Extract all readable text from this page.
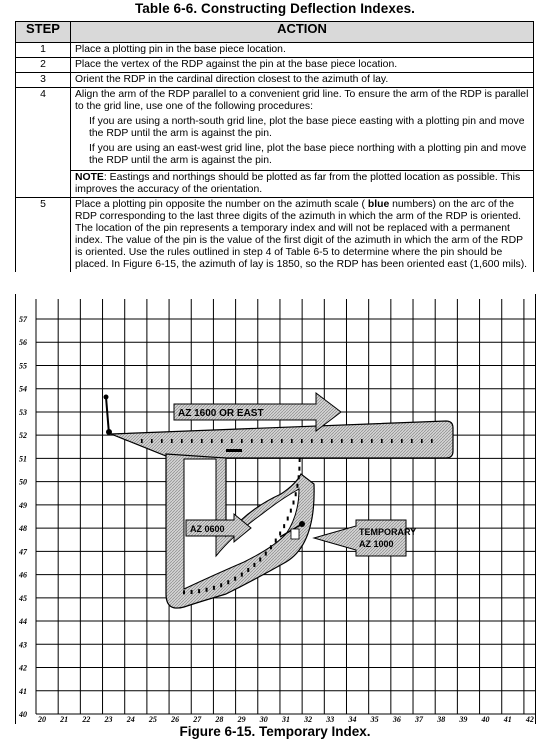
Table 6-6. Constructing Deflection Indexes.
STEP	ACTION
1	Place a plotting pin in the base piece location.
2	Place the vertex of the RDP against the pin at the base piece location.
3	Orient the RDP in the cardinal direction closest to the azimuth of lay.
4	Align the arm of the RDP parallel to a convenient grid line. To ensure the arm of the RDP is parallel to the grid line, use one of the following procedures:
If you are using a north-south grid line, plot the base piece easting with a plotting pin and move the RDP until the arm is against the pin.
If you are using an east-west grid line, plot the base piece northing with a plotting pin and move the RDP until the arm is against the pin.

	NOTE: Eastings and northings should be plotted as far from the plotted location as possible. This improves the accuracy of the orientation.
5	Place a plotting pin opposite the number on the azimuth scale ( blue numbers) on the arc of the RDP corresponding to the last three digits of the azimuth in which the arm of the RDP is oriented. The location of the pin represents a temporary index and will not be replaced with a permanent index. The value of the pin is the value of the first digit of the azimuth in which the arm of the RDP is oriented. Use the rules outlined in step 4 of Table 6-5 to determine where the pin should be placed. In Figure 6-15, the azimuth of lay is 1850, so the RDP has been oriented east (1,600 mils).
57
56
55
54
53
52
51
50
49
48
47
46
45
44
43
42
41
40
20 21 22 23 24 25 26 27 28 29 30 31 32 33 34 35 36 37 38 39 40 41 42
AZ 1600 OR EAST
AZ 0600	TEMPORARY
AZ 1000
Figure 6-15. Temporary Index.
